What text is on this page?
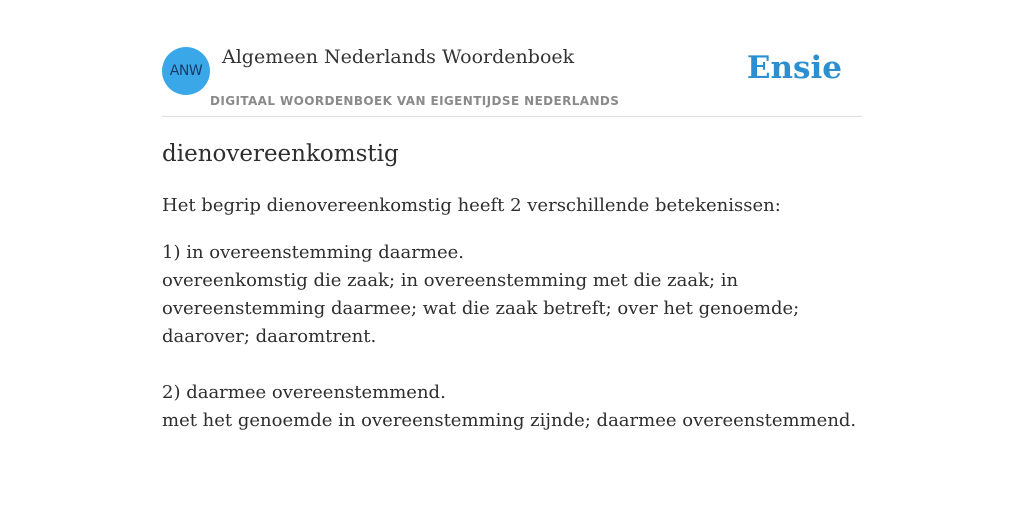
ANW
Algemeen Nederlands Woordenboek
DIGITAAL WOORDENBOEK VAN EIGENTIJDSE NEDERLANDS
Ensie
dienovereenkomstig
Het begrip dienovereenkomstig heeft 2 verschillende betekenissen:
1) in overeenstemming daarmee.
overeenkomstig die zaak; in overeenstemming met die zaak; in overeenstemming daarmee; wat die zaak betreft; over het genoemde; daarover; daaromtrent.
2) daarmee overeenstemmend.
met het genoemde in overeenstemming zijnde; daarmee overeenstemmend.
